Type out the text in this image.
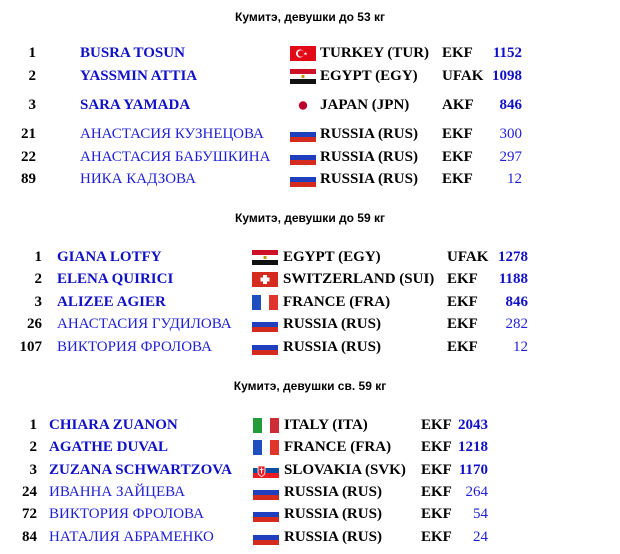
Кумитэ, девушки до 53 кг
1	BUSRA TOSUN	TURKEY (TUR) EKF 1152
2	YASSMIN ATTIA	EGYPT (EGY) UFAK 1098
3	SARA YAMADA	JAPAN (JPN) AKF 846
21	АНАСТАСИЯ КУЗНЕЦОВА	RUSSIA (RUS) EKF 300
22	АНАСТАСИЯ БАБУШКИНА	RUSSIA (RUS) EKF 297
89	НИКА КАДЗОВА	RUSSIA (RUS) EKF 12
Кумитэ, девушки до 59 кг
1 GIANA LOTFY	EGYPT (EGY)	UFAK 1278
2 ELENA QUIRICI	SWITZERLAND (SUI) EKF 1188
3 ALIZEE AGIER	FRANCE (FRA)	EKF 846
26 АНАСТАСИЯ ГУДИЛОВА	RUSSIA (RUS)	EKF 282
107 ВИКТОРИЯ ФРОЛОВА	RUSSIA (RUS)	EKF 12
Кумитэ, девушки св. 59 кг
1 CHIARA ZUANON	ITALY (ITA)	EKF 2043
2 AGATHE DUVAL	FRANCE (FRA) EKF 1218
3 ZUZANA SCHWARTZOVA	SLOVAKIA (SVK) EKF 1170
24 ИВАННА ЗАЙЦЕВА	RUSSIA (RUS)	EKF 264
72 ВИКТОРИЯ ФРОЛОВА	RUSSIA (RUS)	EKF 54
84 НАТАЛИЯ АБРАМЕНКО	RUSSIA (RUS)	EKF 24
